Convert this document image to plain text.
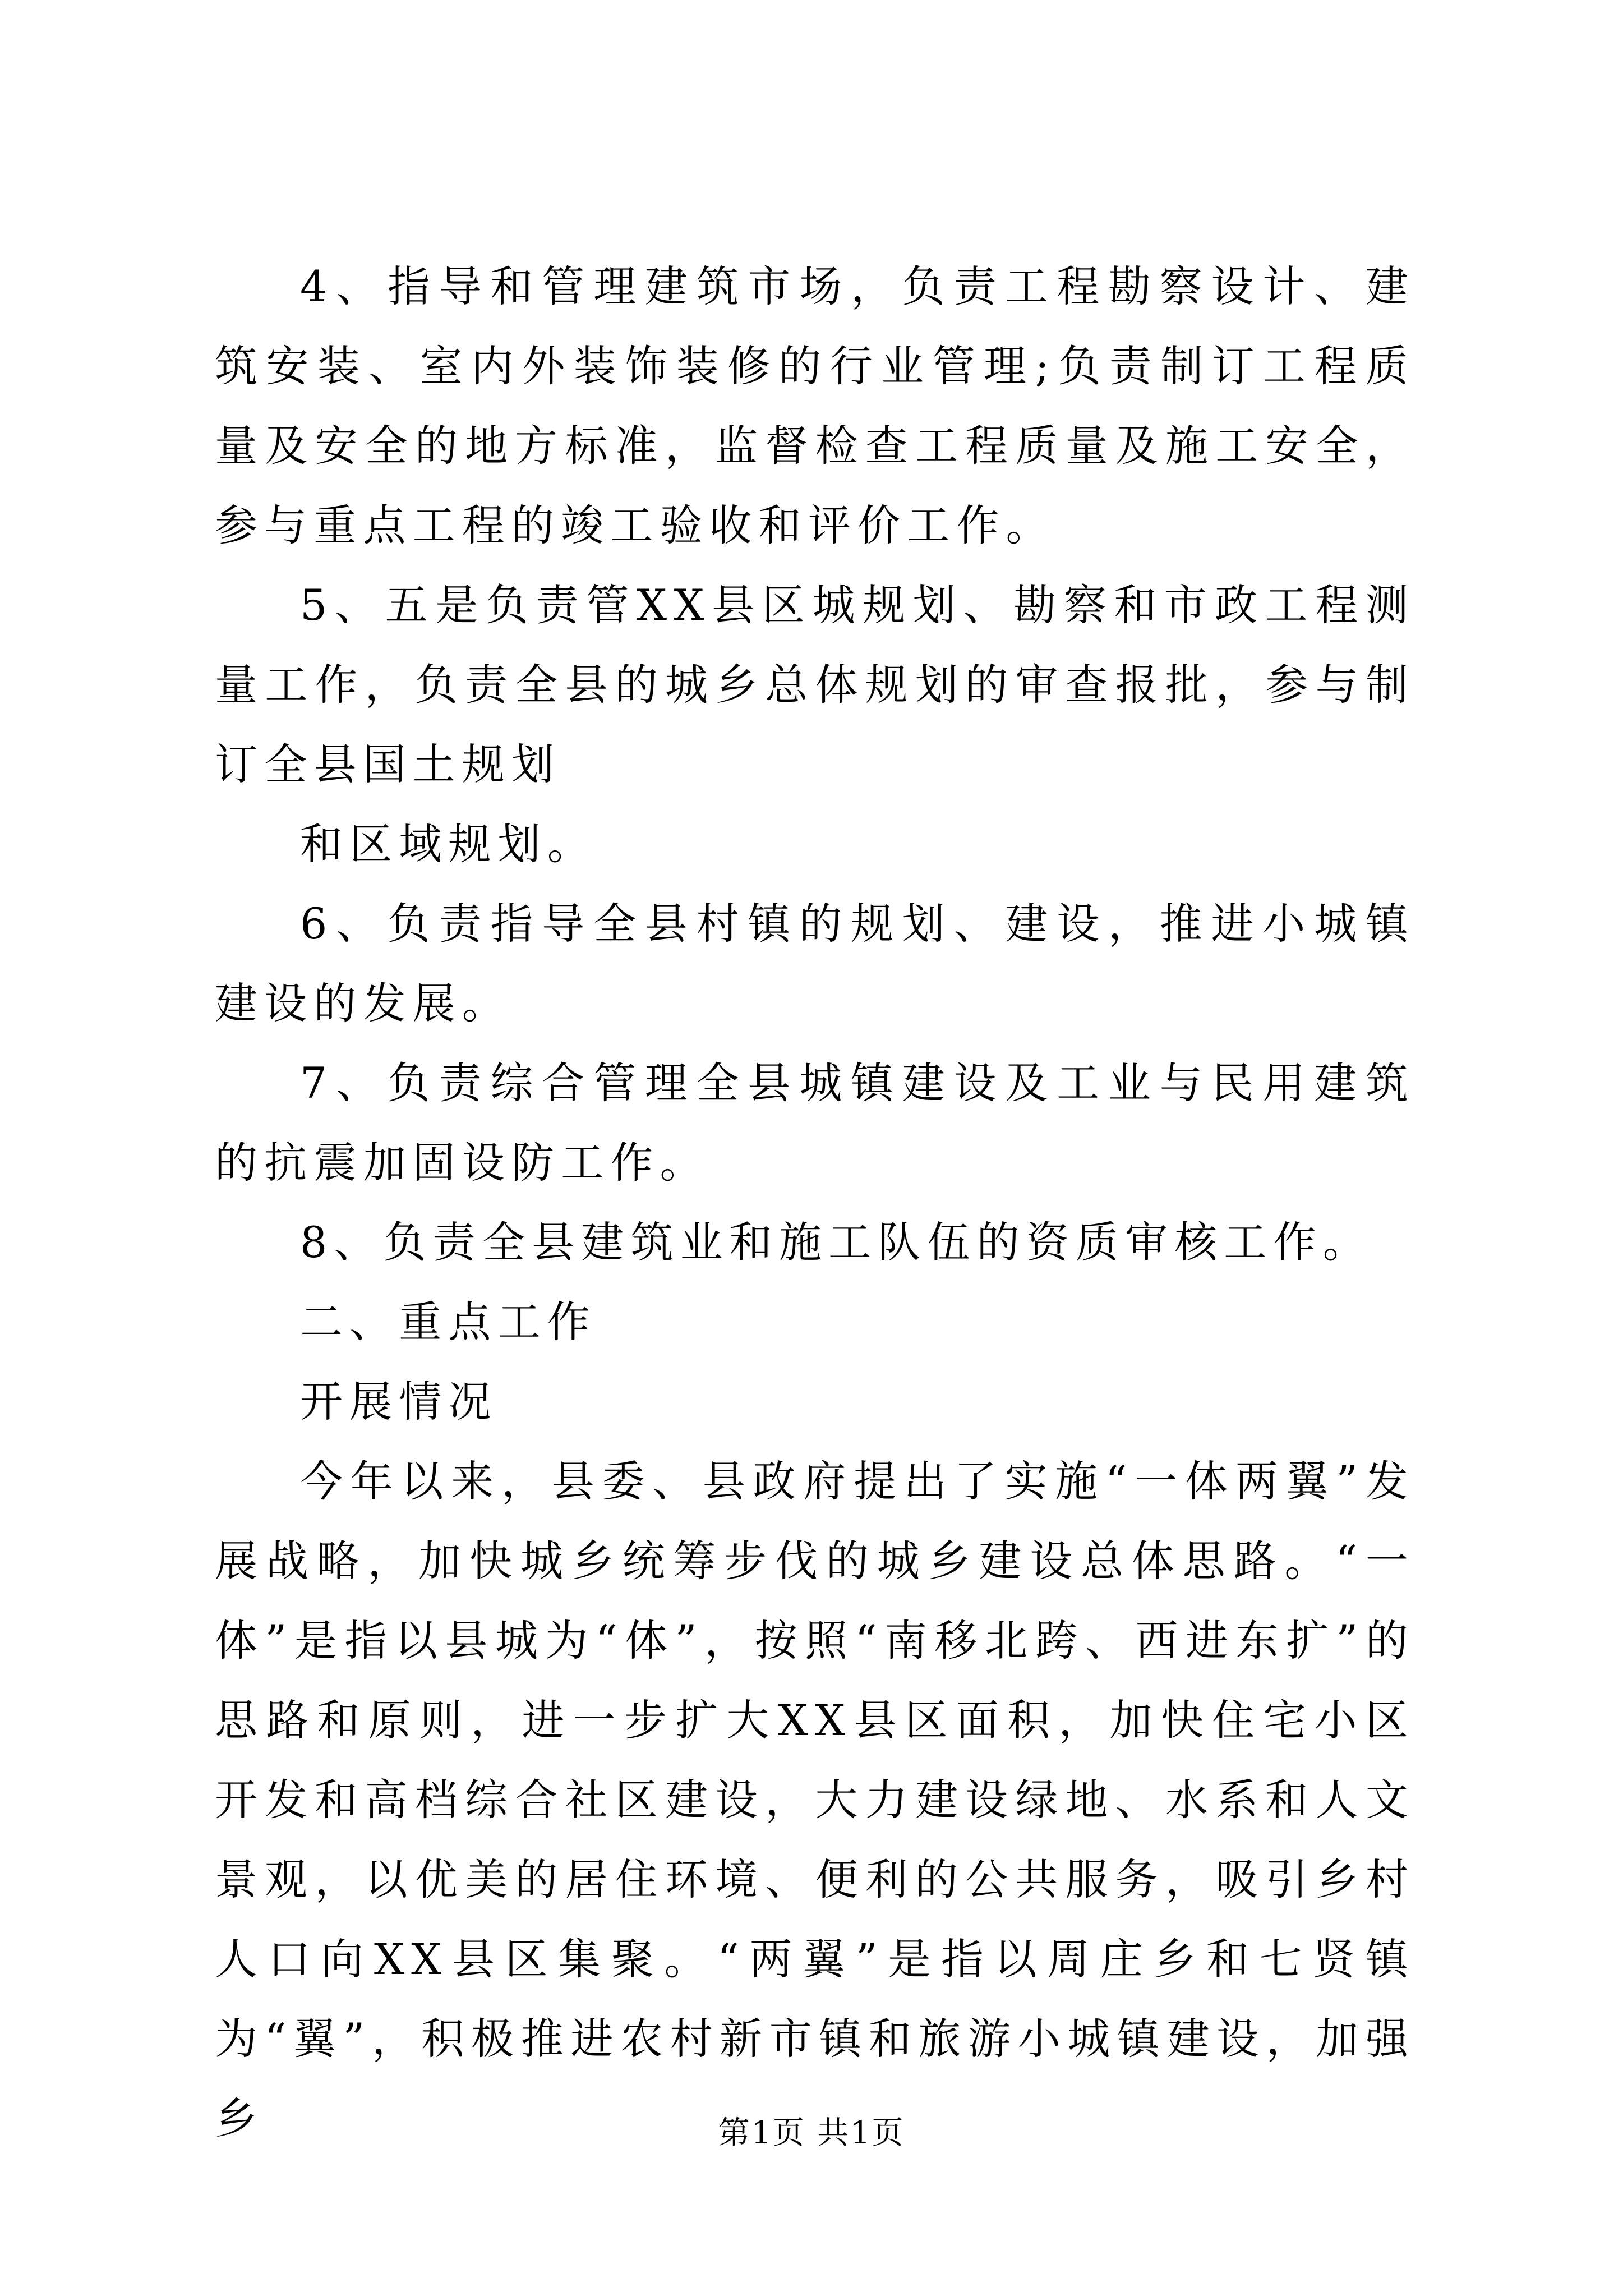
4、指导和管理建筑市场，负责工程勘察设计、建筑安装、室内外装饰装修的行业管理;负责制订工程质量及安全的地方标准，监督检查工程质量及施工安全，参与重点工程的竣工验收和评价工作。

5、五是负责管XX县区城规划、勘察和市政工程测量工作，负责全县的城乡总体规划的审查报批，参与制订全县国土规划

和区域规划。

6、负责指导全县村镇的规划、建设，推进小城镇建设的发展。

7、负责综合管理全县城镇建设及工业与民用建筑的抗震加固设防工作。

8、负责全县建筑业和施工队伍的资质审核工作。

二、重点工作

开展情况

今年以来，县委、县政府提出了实施“一体两翼”发展战略，加快城乡统筹步伐的城乡建设总体思路。“一体”是指以县城为“体”，按照“南移北跨、西进东扩”的思路和原则，进一步扩大XX县区面积，加快住宅小区开发和高档综合社区建设，大力建设绿地、水系和人文景观，以优美的居住环境、便利的公共服务，吸引乡村人口向XX县区集聚。“两翼”是指以周庄乡和七贤镇为“翼”，积极推进农村新市镇和旅游小城镇建设，加强乡	第1页 共1页
